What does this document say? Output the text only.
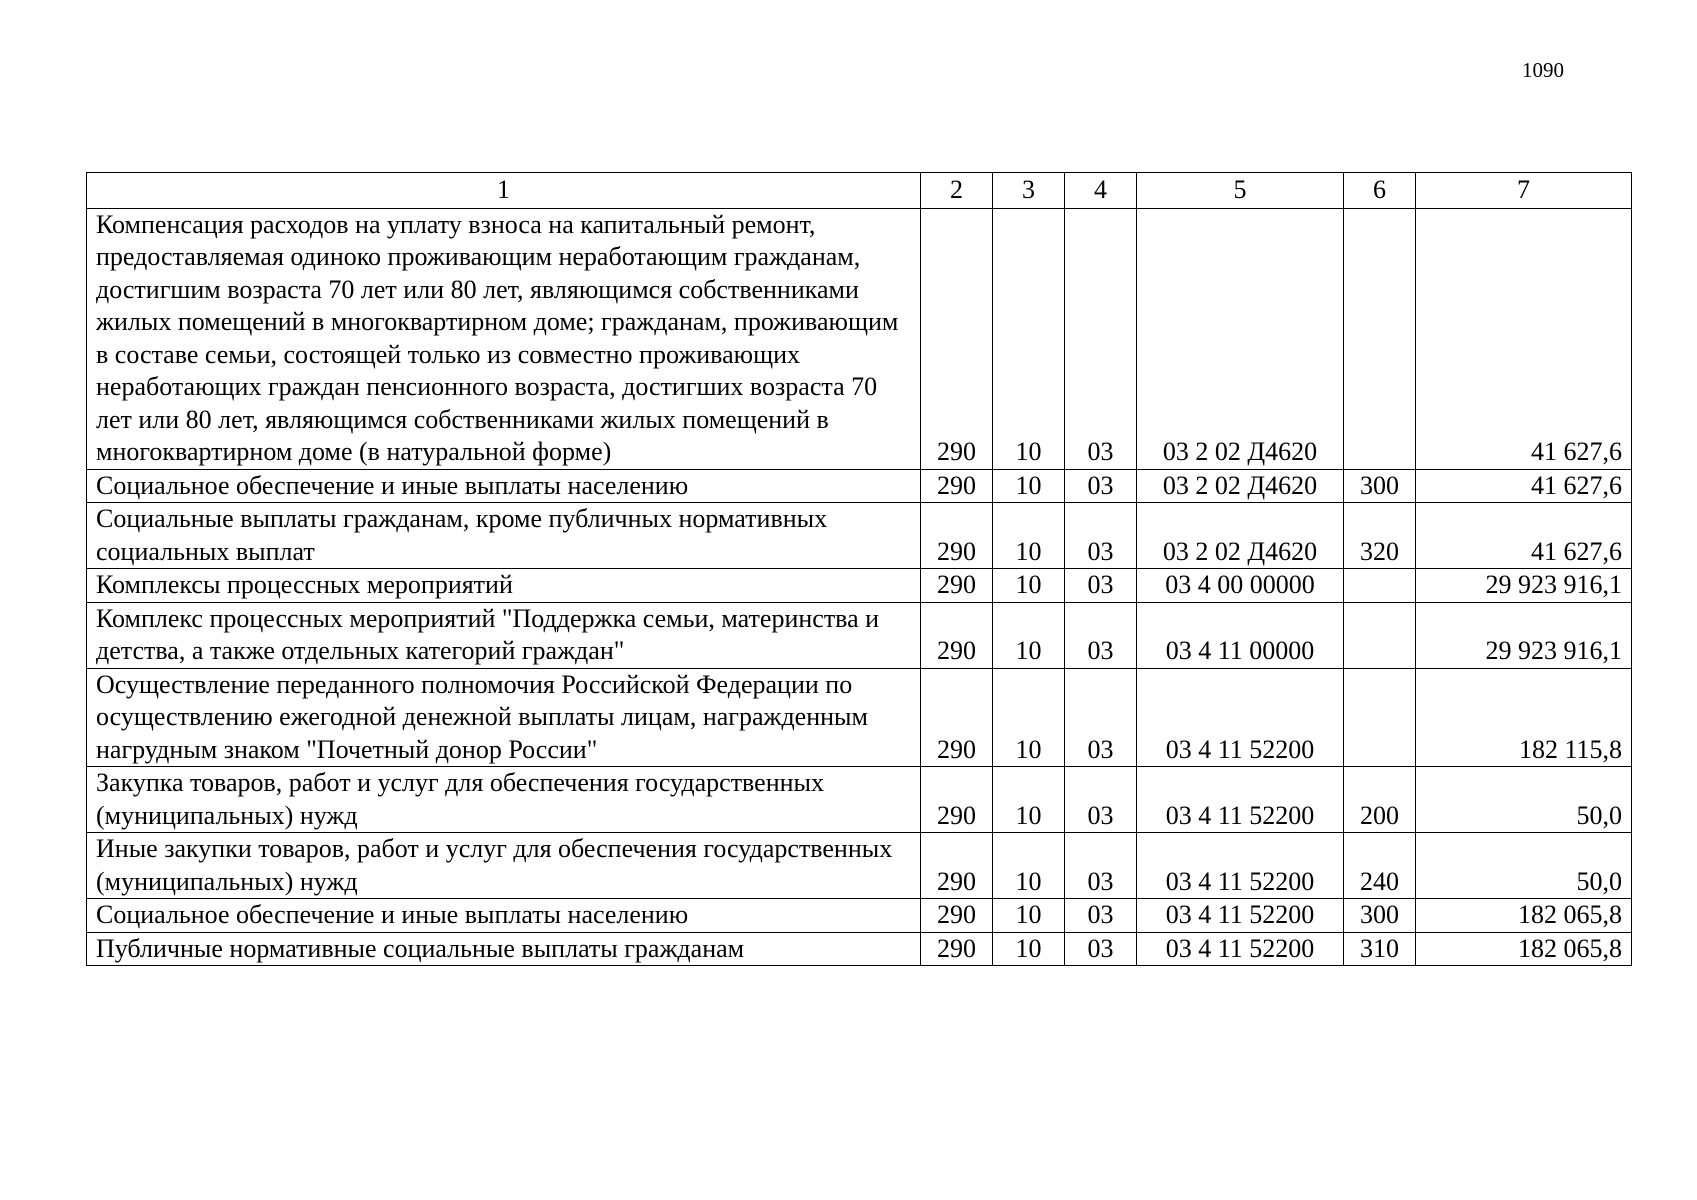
1090
1	2	3	4	5	6	7
Компенсация расходов на уплату взноса на капитальный ремонт, предоставляемая одиноко проживающим неработающим гражданам, достигшим возраста 70 лет или 80 лет, являющимся собственниками жилых помещений в многоквартирном доме; гражданам, проживающим в составе семьи, состоящей только из совместно проживающих неработающих граждан пенсионного возраста, достигших возраста 70 лет или 80 лет, являющимся собственниками жилых помещений в многоквартирном доме (в натуральной форме)	290	10	03	03 2 02 Д4620		41 627,6
Социальное обеспечение и иные выплаты населению	290	10	03	03 2 02 Д4620	300	41 627,6
Социальные выплаты гражданам, кроме публичных нормативных социальных выплат	290	10	03	03 2 02 Д4620	320	41 627,6
Комплексы процессных мероприятий	290	10	03	03 4 00 00000		29 923 916,1
Комплекс процессных мероприятий "Поддержка семьи, материнства и детства, а также отдельных категорий граждан"	290	10	03	03 4 11 00000		29 923 916,1
Осуществление переданного полномочия Российской Федерации по осуществлению ежегодной денежной выплаты лицам, награжденным нагрудным знаком "Почетный донор России"	290	10	03	03 4 11 52200		182 115,8
Закупка товаров, работ и услуг для обеспечения государственных (муниципальных) нужд	290	10	03	03 4 11 52200	200	50,0
Иные закупки товаров, работ и услуг для обеспечения государственных (муниципальных) нужд	290	10	03	03 4 11 52200	240	50,0
Социальное обеспечение и иные выплаты населению	290	10	03	03 4 11 52200	300	182 065,8
Публичные нормативные социальные выплаты гражданам	290	10	03	03 4 11 52200	310	182 065,8
